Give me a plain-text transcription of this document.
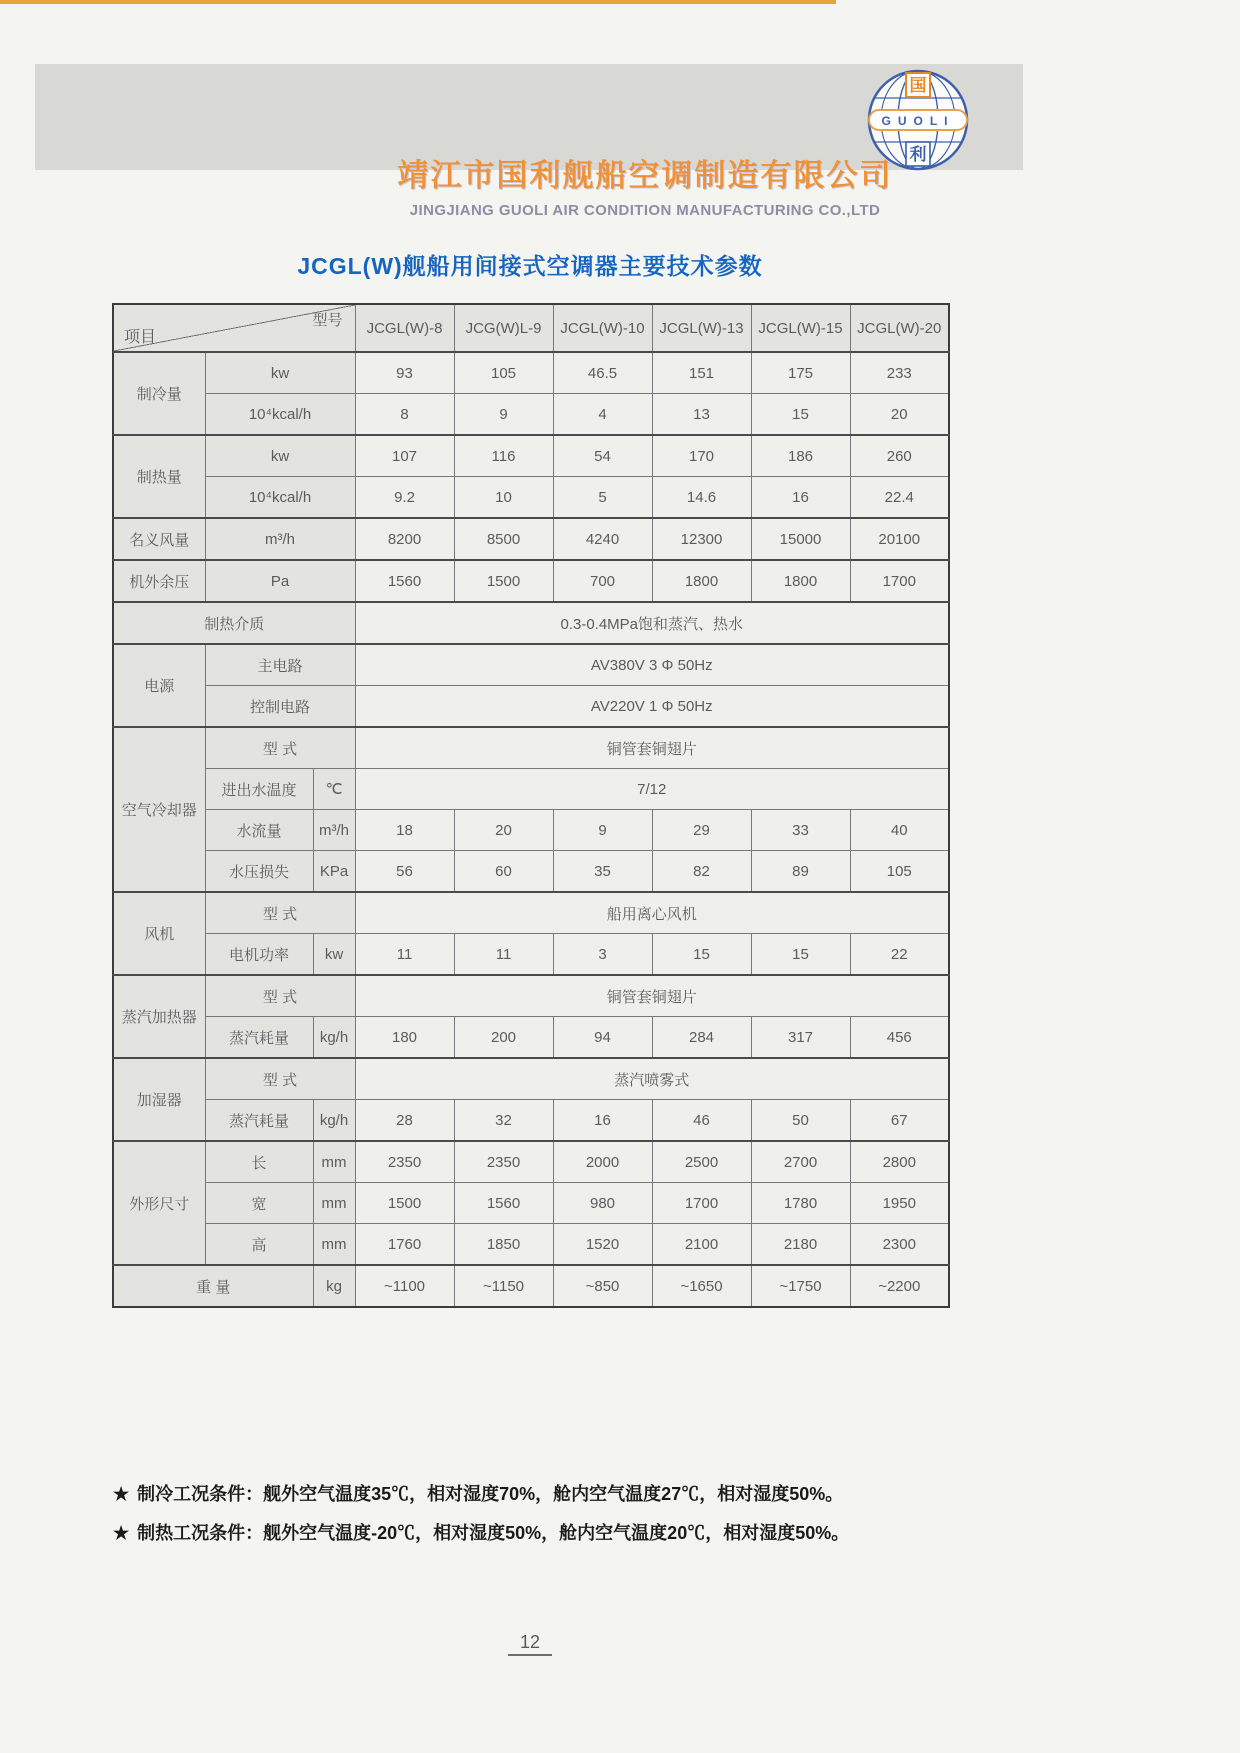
靖江市国利舰船空调制造有限公司
JINGJIANG GUOLI AIR CONDITION MANUFACTURING CO.,LTD
国
GUOLI
利
JCGL(W)舰船用间接式空调器主要技术参数
型号
项目			JCGL(W)-8	JCG(W)L-9	JCGL(W)-10	JCGL(W)-13	JCGL(W)-15	JCGL(W)-20
制冷量	kw		93	105	46.5	151	175	233
	10⁴kcal/h		8	9	4	13	15	20
制热量	kw		107	116	54	170	186	260
	10⁴kcal/h		9.2	10	5	14.6	16	22.4
名义风量	m³/h		8200	8500	4240	12300	15000	20100
机外余压	Pa		1560	1500	700	1800	1800	1700
制热介质			0.3-0.4MPa饱和蒸汽、热水					
电源	主电路		AV380V 3 Φ 50Hz					
	控制电路		AV220V 1 Φ 50Hz					
空气冷却器	型 式		铜管套铜翅片					
	进出水温度	℃	7/12					
	水流量	m³/h	18	20	9	29	33	40
	水压损失	KPa	56	60	35	82	89	105
风机	型 式		船用离心风机					
	电机功率	kw	11	11	3	15	15	22
蒸汽加热器	型 式		铜管套铜翅片					
	蒸汽耗量	kg/h	180	200	94	284	317	456
加湿器	型 式		蒸汽喷雾式					
	蒸汽耗量	kg/h	28	32	16	46	50	67
外形尺寸	长	mm	2350	2350	2000	2500	2700	2800
	宽	mm	1500	1560	980	1700	1780	1950
	高	mm	1760	1850	1520	2100	2180	2300
重 量		kg	~1100	~1150	~850	~1650	~1750	~2200
★ 制冷工况条件：舰外空气温度35℃，相对湿度70%，舱内空气温度27℃，相对湿度50%。
★ 制热工况条件：舰外空气温度-20℃，相对湿度50%，舱内空气温度20℃，相对湿度50%。
12
